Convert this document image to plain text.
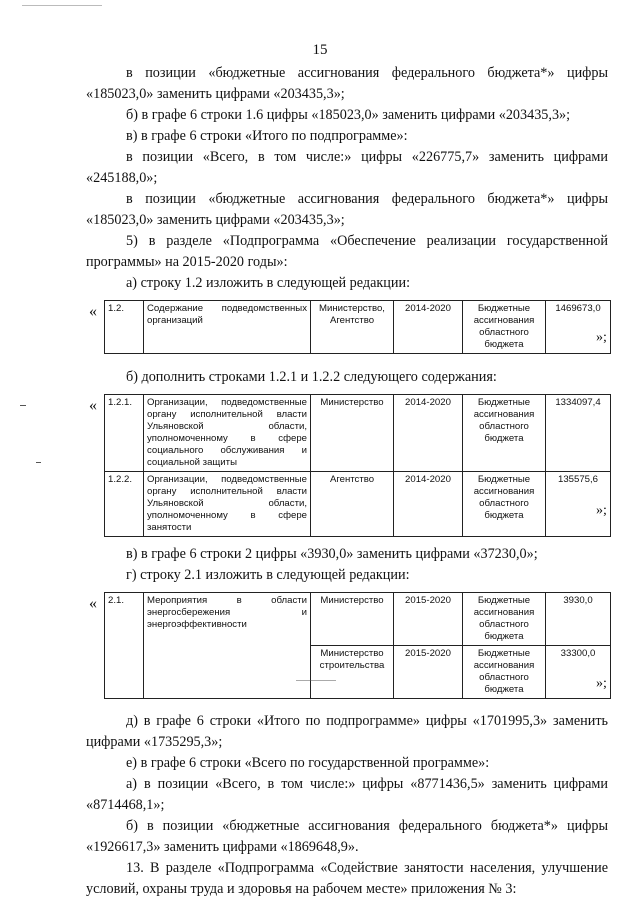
15

в позиции «бюджетные ассигнования федерального бюджета*» цифры «185023,0» заменить цифрами «203435,3»;

б) в графе 6 строки 1.6 цифры «185023,0» заменить цифрами «203435,3»;

в) в графе 6 строки «Итого по подпрограмме»:

в позиции «Всего, в том числе:» цифры «226775,7» заменить цифрами «245188,0»;

в позиции «бюджетные ассигнования федерального бюджета*» цифры «185023,0» заменить цифрами «203435,3»;

5) в разделе «Подпрограмма «Обеспечение реализации государственной программы» на 2015-2020 годы»:

а) строку 1.2 изложить в следующей редакции:

« 1.2.	Содержание подведомственных организаций	Министерство, Агентство	2014-2020	Бюджетные ассигнования областного бюджета	1469673,0
»;

б) дополнить строками 1.2.1 и 1.2.2 следующего содержания:

« 1.2.1.	Организации, подведомственные органу исполнительной власти Ульяновской области, уполномоченному в сфере социального обслуживания и социальной защиты	Министерство	2014-2020	Бюджетные ассигнования областного бюджета	1334097,4
1.2.2.	Организации, подведомственные органу исполнительной власти Ульяновской области, уполномоченному в сфере занятости	Агентство	2014-2020	Бюджетные ассигнования областного бюджета	135575,6
»;

в) в графе 6 строки 2 цифры «3930,0» заменить цифрами «37230,0»;

г) строку 2.1 изложить в следующей редакции:

« 2.1.	Мероприятия в области энергосбережения и энергоэффективности	Министерство	2015-2020	Бюджетные ассигнования областного бюджета	3930,0
		Министерство строительства	2015-2020	Бюджетные ассигнования областного бюджета	33300,0
»;

д) в графе 6 строки «Итого по подпрограмме» цифры «1701995,3» заменить цифрами «1735295,3»;

е) в графе 6 строки «Всего по государственной программе»:

а) в позиции «Всего, в том числе:» цифры «8771436,5» заменить цифрами «8714468,1»;

б) в позиции «бюджетные ассигнования федерального бюджета*» цифры «1926617,3» заменить цифрами «1869648,9».

13. В разделе «Подпрограмма «Содействие занятости населения, улучшение условий, охраны труда и здоровья на рабочем месте» приложения № 3:
